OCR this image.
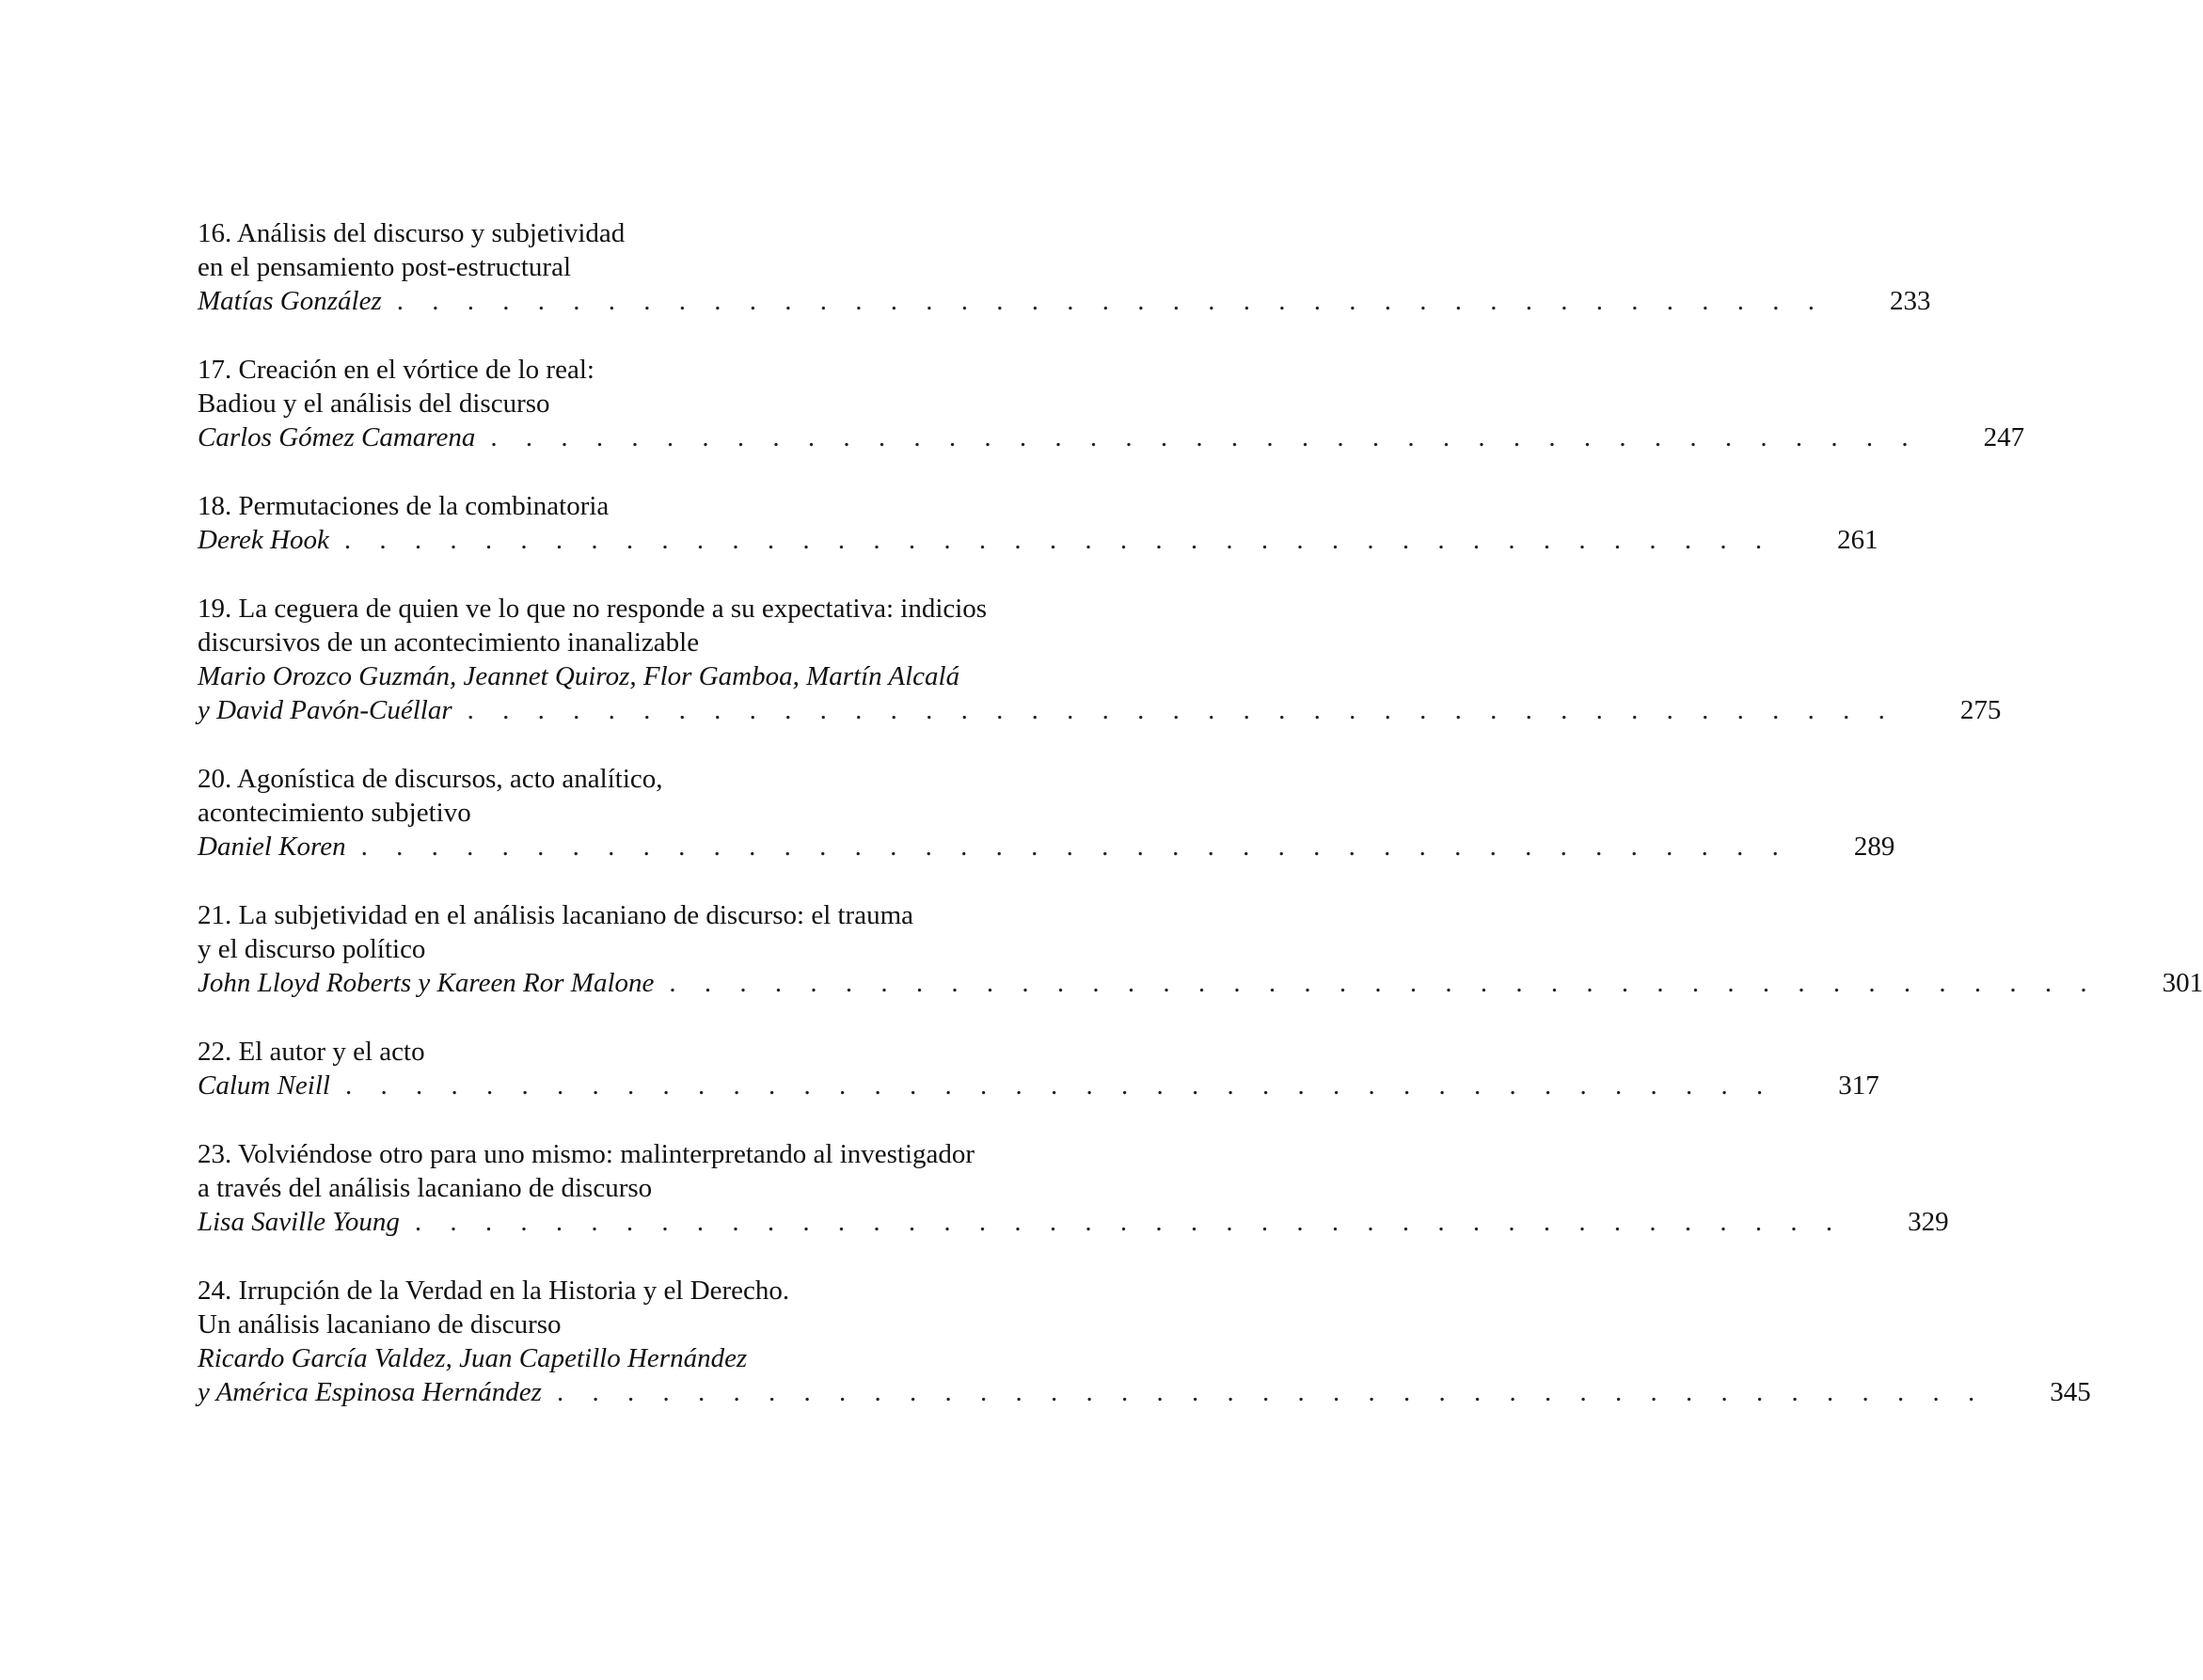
16. Análisis del discurso y subjetividad
en el pensamiento post-estructural
Matías González . . . . . . . . . . . . . . . . . . . . . . . . . . . . . . . . . . . . . . . . .	233
17. Creación en el vórtice de lo real:
Badiou y el análisis del discurso
Carlos Gómez Camarena . . . . . . . . . . . . . . . . . . . . . . . . . . . . . . . . . . . . . . . . .	247
18. Permutaciones de la combinatoria
Derek Hook . . . . . . . . . . . . . . . . . . . . . . . . . . . . . . . . . . . . . . . . .	261
19. La ceguera de quien ve lo que no responde a su expectativa: indicios
discursivos de un acontecimiento inanalizable
Mario Orozco Guzmán, Jeannet Quiroz, Flor Gamboa, Martín Alcalá
y David Pavón-Cuéllar . . . . . . . . . . . . . . . . . . . . . . . . . . . . . . . . . . . . . . . . .	275
20. Agonística de discursos, acto analítico,
acontecimiento subjetivo
Daniel Koren . . . . . . . . . . . . . . . . . . . . . . . . . . . . . . . . . . . . . . . . .	289
21. La subjetividad en el análisis lacaniano de discurso: el trauma
y el discurso político
John Lloyd Roberts y Kareen Ror Malone . . . . . . . . . . . . . . . . . . . . . . . . . . . . . . . . . . . . . . . . .	301
22. El autor y el acto
Calum Neill . . . . . . . . . . . . . . . . . . . . . . . . . . . . . . . . . . . . . . . . .	317
23. Volviéndose otro para uno mismo: malinterpretando al investigador
a través del análisis lacaniano de discurso
Lisa Saville Young . . . . . . . . . . . . . . . . . . . . . . . . . . . . . . . . . . . . . . . . .	329
24. Irrupción de la Verdad en la Historia y el Derecho.
Un análisis lacaniano de discurso
Ricardo García Valdez, Juan Capetillo Hernández
y América Espinosa Hernández . . . . . . . . . . . . . . . . . . . . . . . . . . . . . . . . . . . . . . . . .	345
